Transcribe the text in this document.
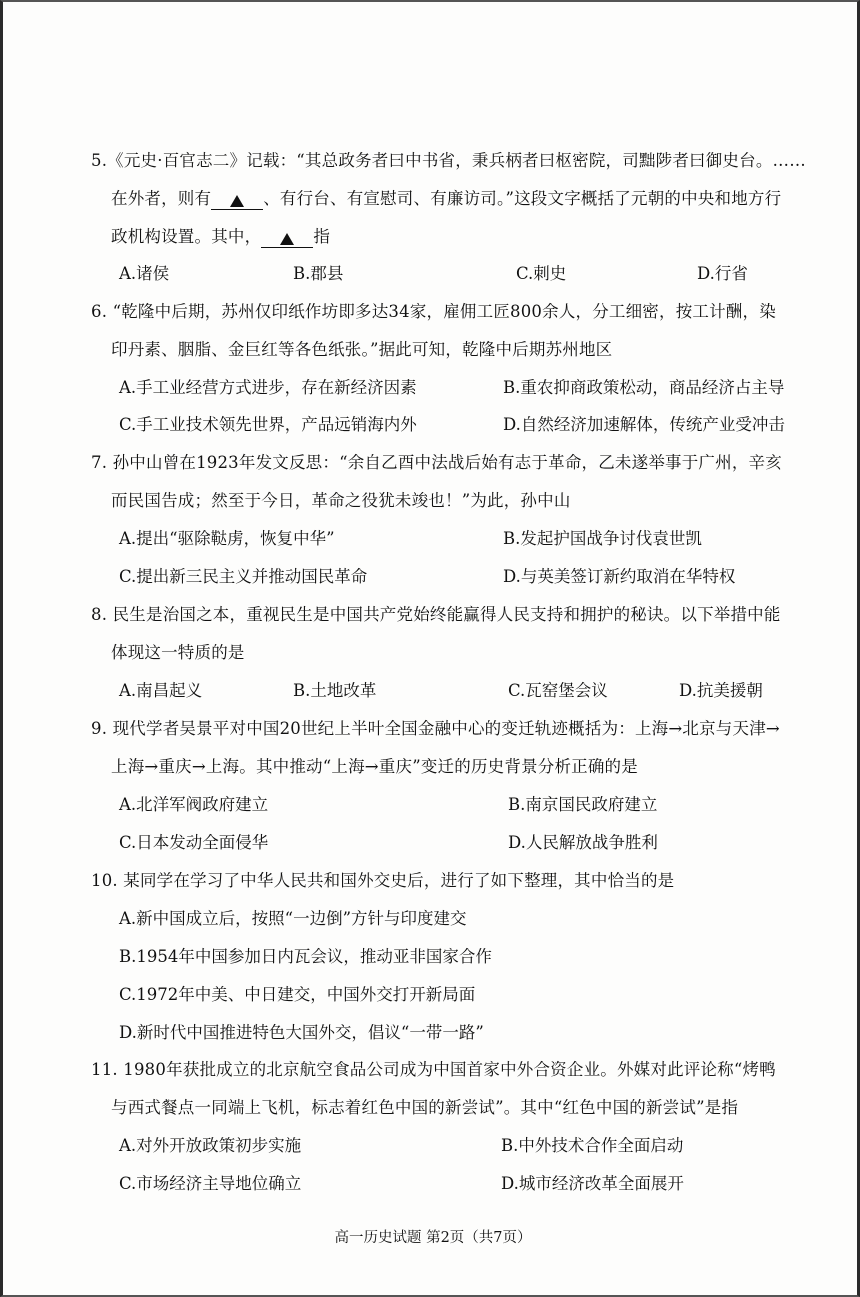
5.《元史·百官志二》记载：“其总政务者曰中书省，秉兵柄者曰枢密院，司黜陟者曰御史台。……
在外者，则有	、有行台、有宣慰司、有廉访司。”这段文字概括了元朝的中央和地方行
政机构设置。其中，	指
A.诸侯	B.郡县	C.刺史	D.行省
6. “乾隆中后期，苏州仅印纸作坊即多达34家，雇佣工匠800余人，分工细密，按工计酬，染
印丹素、胭脂、金巨红等各色纸张。”据此可知，乾隆中后期苏州地区
A.手工业经营方式进步，存在新经济因素	B.重农抑商政策松动，商品经济占主导
C.手工业技术领先世界，产品远销海内外	D.自然经济加速解体，传统产业受冲击
7. 孙中山曾在1923年发文反思：“余自乙酉中法战后始有志于革命，乙未遂举事于广州，辛亥
而民国告成；然至于今日，革命之役犹未竣也！”为此，孙中山
A.提出“驱除鞑虏，恢复中华”	B.发起护国战争讨伐袁世凯
C.提出新三民主义并推动国民革命	D.与英美签订新约取消在华特权
8. 民生是治国之本，重视民生是中国共产党始终能赢得人民支持和拥护的秘诀。以下举措中能
体现这一特质的是
A.南昌起义	B.土地改革	C.瓦窑堡会议	D.抗美援朝
9. 现代学者吴景平对中国20世纪上半叶全国金融中心的变迁轨迹概括为：上海→北京与天津→
上海→重庆→上海。其中推动“上海→重庆”变迁的历史背景分析正确的是
A.北洋军阀政府建立	B.南京国民政府建立
C.日本发动全面侵华	D.人民解放战争胜利
10. 某同学在学习了中华人民共和国外交史后，进行了如下整理，其中恰当的是
A.新中国成立后，按照“一边倒”方针与印度建交
B.1954年中国参加日内瓦会议，推动亚非国家合作
C.1972年中美、中日建交，中国外交打开新局面
D.新时代中国推进特色大国外交，倡议“一带一路”
11. 1980年获批成立的北京航空食品公司成为中国首家中外合资企业。外媒对此评论称“烤鸭
与西式餐点一同端上飞机，标志着红色中国的新尝试”。其中“红色中国的新尝试”是指
A.对外开放政策初步实施	B.中外技术合作全面启动
C.市场经济主导地位确立	D.城市经济改革全面展开
高一历史试题 第2页（共7页）
